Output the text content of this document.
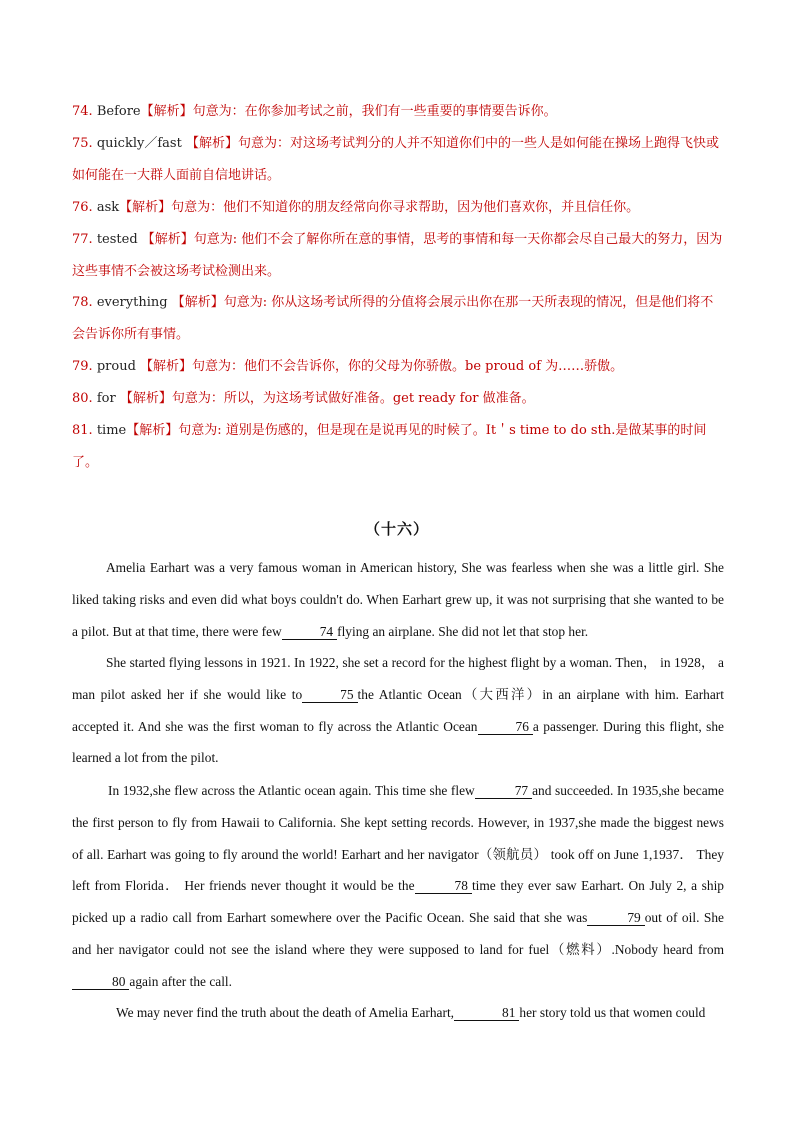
74. Before【解析】句意为：在你参加考试之前，我们有一些重要的事情要告诉你。
75. quickly／fast 【解析】句意为：对这场考试判分的人并不知道你们中的一些人是如何能在操场上跑得飞快或如何能在一大群人面前自信地讲话。
76. ask【解析】句意为：他们不知道你的朋友经常向你寻求帮助，因为他们喜欢你，并且信任你。
77. tested 【解析】句意为: 他们不会了解你所在意的事情，思考的事情和每一天你都会尽自己最大的努力，因为这些事情不会被这场考试检测出来。
78. everything 【解析】句意为: 你从这场考试所得的分值将会展示出你在那一天所表现的情况，但是他们将不会告诉你所有事情。
79. proud 【解析】句意为：他们不会告诉你，你的父母为你骄傲。be proud of 为……骄傲。
80. for 【解析】句意为：所以，为这场考试做好准备。get ready for 做准备。
81. time【解析】句意为: 道别是伤感的，但是现在是说再见的时候了。It＇s time to do sth.是做某事的时间了。
（十六）
Amelia Earhart was a very famous woman in American history, She was fearless when she was a little girl. She liked taking risks and even did what boys couldn't do. When Earhart grew up, it was not surprising that she wanted to be a pilot. But at that time, there were few	74 flying an airplane. She did not let that stop her.
She started flying lessons in 1921. In 1922, she set a record for the highest flight by a woman. Then， in 1928， a man pilot asked her if she would like to	75 the Atlantic Ocean（大西洋）in an airplane with him. Earhart accepted it. And she was the first woman to fly across the Atlantic Ocean	76 a passenger. During this flight, she learned a lot from the pilot.
In 1932,she flew across the Atlantic ocean again. This time she flew	77 and succeeded. In 1935,she became the first person to fly from Hawaii to California. She kept setting records. However, in 1937,she made the biggest news of all. Earhart was going to fly around the world! Earhart and her navigator（领航员） took off on June 1,1937． They left from Florida． Her friends never thought it would be the	78 time they ever saw Earhart. On July 2, a ship picked up a radio call from Earhart somewhere over the Pacific Ocean. She said that she was	79 out of oil. She and her navigator could not see the island where they were supposed to land for fuel（燃料）.Nobody heard from80 again after the call.
We may never find the truth about the death of Amelia Earhart,	81 her story told us that women could
